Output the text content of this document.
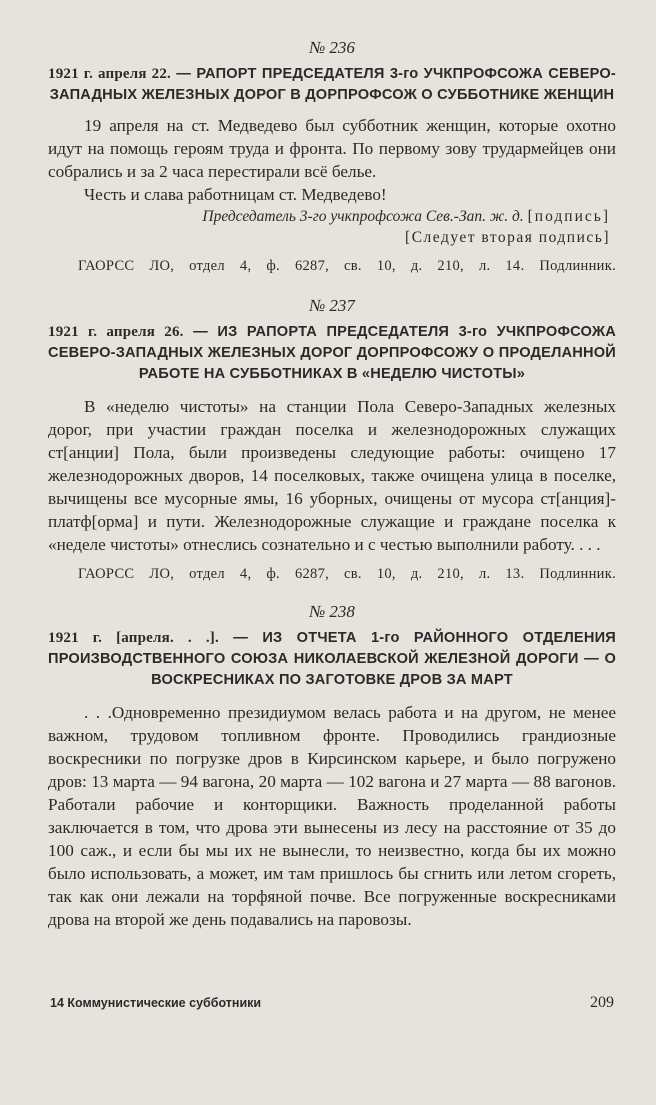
№ 236
1921 г. апреля 22. — РАПОРТ ПРЕДСЕДАТЕЛЯ 3-го УЧКПРОФСОЖА СЕВЕРО-ЗАПАДНЫХ ЖЕЛЕЗНЫХ ДОРОГ В ДОРПРОФСОЖ О СУББОТНИКЕ ЖЕНЩИН

19 апреля на ст. Медведево был субботник женщин, которые охотно идут на помощь героям труда и фронта. По первому зову трудармейцев они собрались и за 2 часа перестирали всё белье.

Честь и слава работницам ст. Медведево!

Председатель 3-го учкпрофсожа Сев.-Зап. ж. д. [подпись]
[Следует вторая подпись]
ГАОРСС ЛО, отдел 4, ф. 6287, св. 10, д. 210, л. 14. Подлинник.
№ 237
1921 г. апреля 26. — ИЗ РАПОРТА ПРЕДСЕДАТЕЛЯ 3-го УЧКПРОФСОЖА СЕВЕРО-ЗАПАДНЫХ ЖЕЛЕЗНЫХ ДОРОГ ДОРПРОФСОЖУ О ПРОДЕЛАННОЙ РАБОТЕ НА СУББОТНИКАХ В «НЕДЕЛЮ ЧИСТОТЫ»

В «неделю чистоты» на станции Пола Северо-Западных железных дорог, при участии граждан поселка и железнодорожных служащих ст[анции] Пола, были произведены следующие работы: очищено 17 железнодорожных дворов, 14 поселковых, также очищена улица в поселке, вычищены все мусорные ямы, 16 уборных, очищены от мусора ст[анция]-платф[орма] и пути. Железнодорожные служащие и граждане поселка к «неделе чистоты» отнеслись сознательно и с честью выполнили работу. . . .

ГАОРСС ЛО, отдел 4, ф. 6287, св. 10, д. 210, л. 13. Подлинник.
№ 238
1921 г. [апреля. . .]. — ИЗ ОТЧЕТА 1-го РАЙОННОГО ОТДЕЛЕНИЯ ПРОИЗВОДСТВЕННОГО СОЮЗА НИКОЛАЕВСКОЙ ЖЕЛЕЗНОЙ ДОРОГИ — О ВОСКРЕСНИКАХ ПО ЗАГОТОВКЕ ДРОВ ЗА МАРТ

. . .Одновременно президиумом велась работа и на другом, не менее важном, трудовом топливном фронте. Проводились грандиозные воскресники по погрузке дров в Кирсинском карьере, и было погружено дров: 13 марта — 94 вагона, 20 марта — 102 вагона и 27 марта — 88 вагонов. Работали рабочие и конторщики. Важность проделанной работы заключается в том, что дрова эти вынесены из лесу на расстояние от 35 до 100 саж., и если бы мы их не вынесли, то неизвестно, когда бы их можно было использовать, а может, им там пришлось бы сгнить или летом сгореть, так как они лежали на торфяной почве. Все погруженные воскресниками дрова на второй же день подавались на паровозы.

14 Коммунистические субботники	209
